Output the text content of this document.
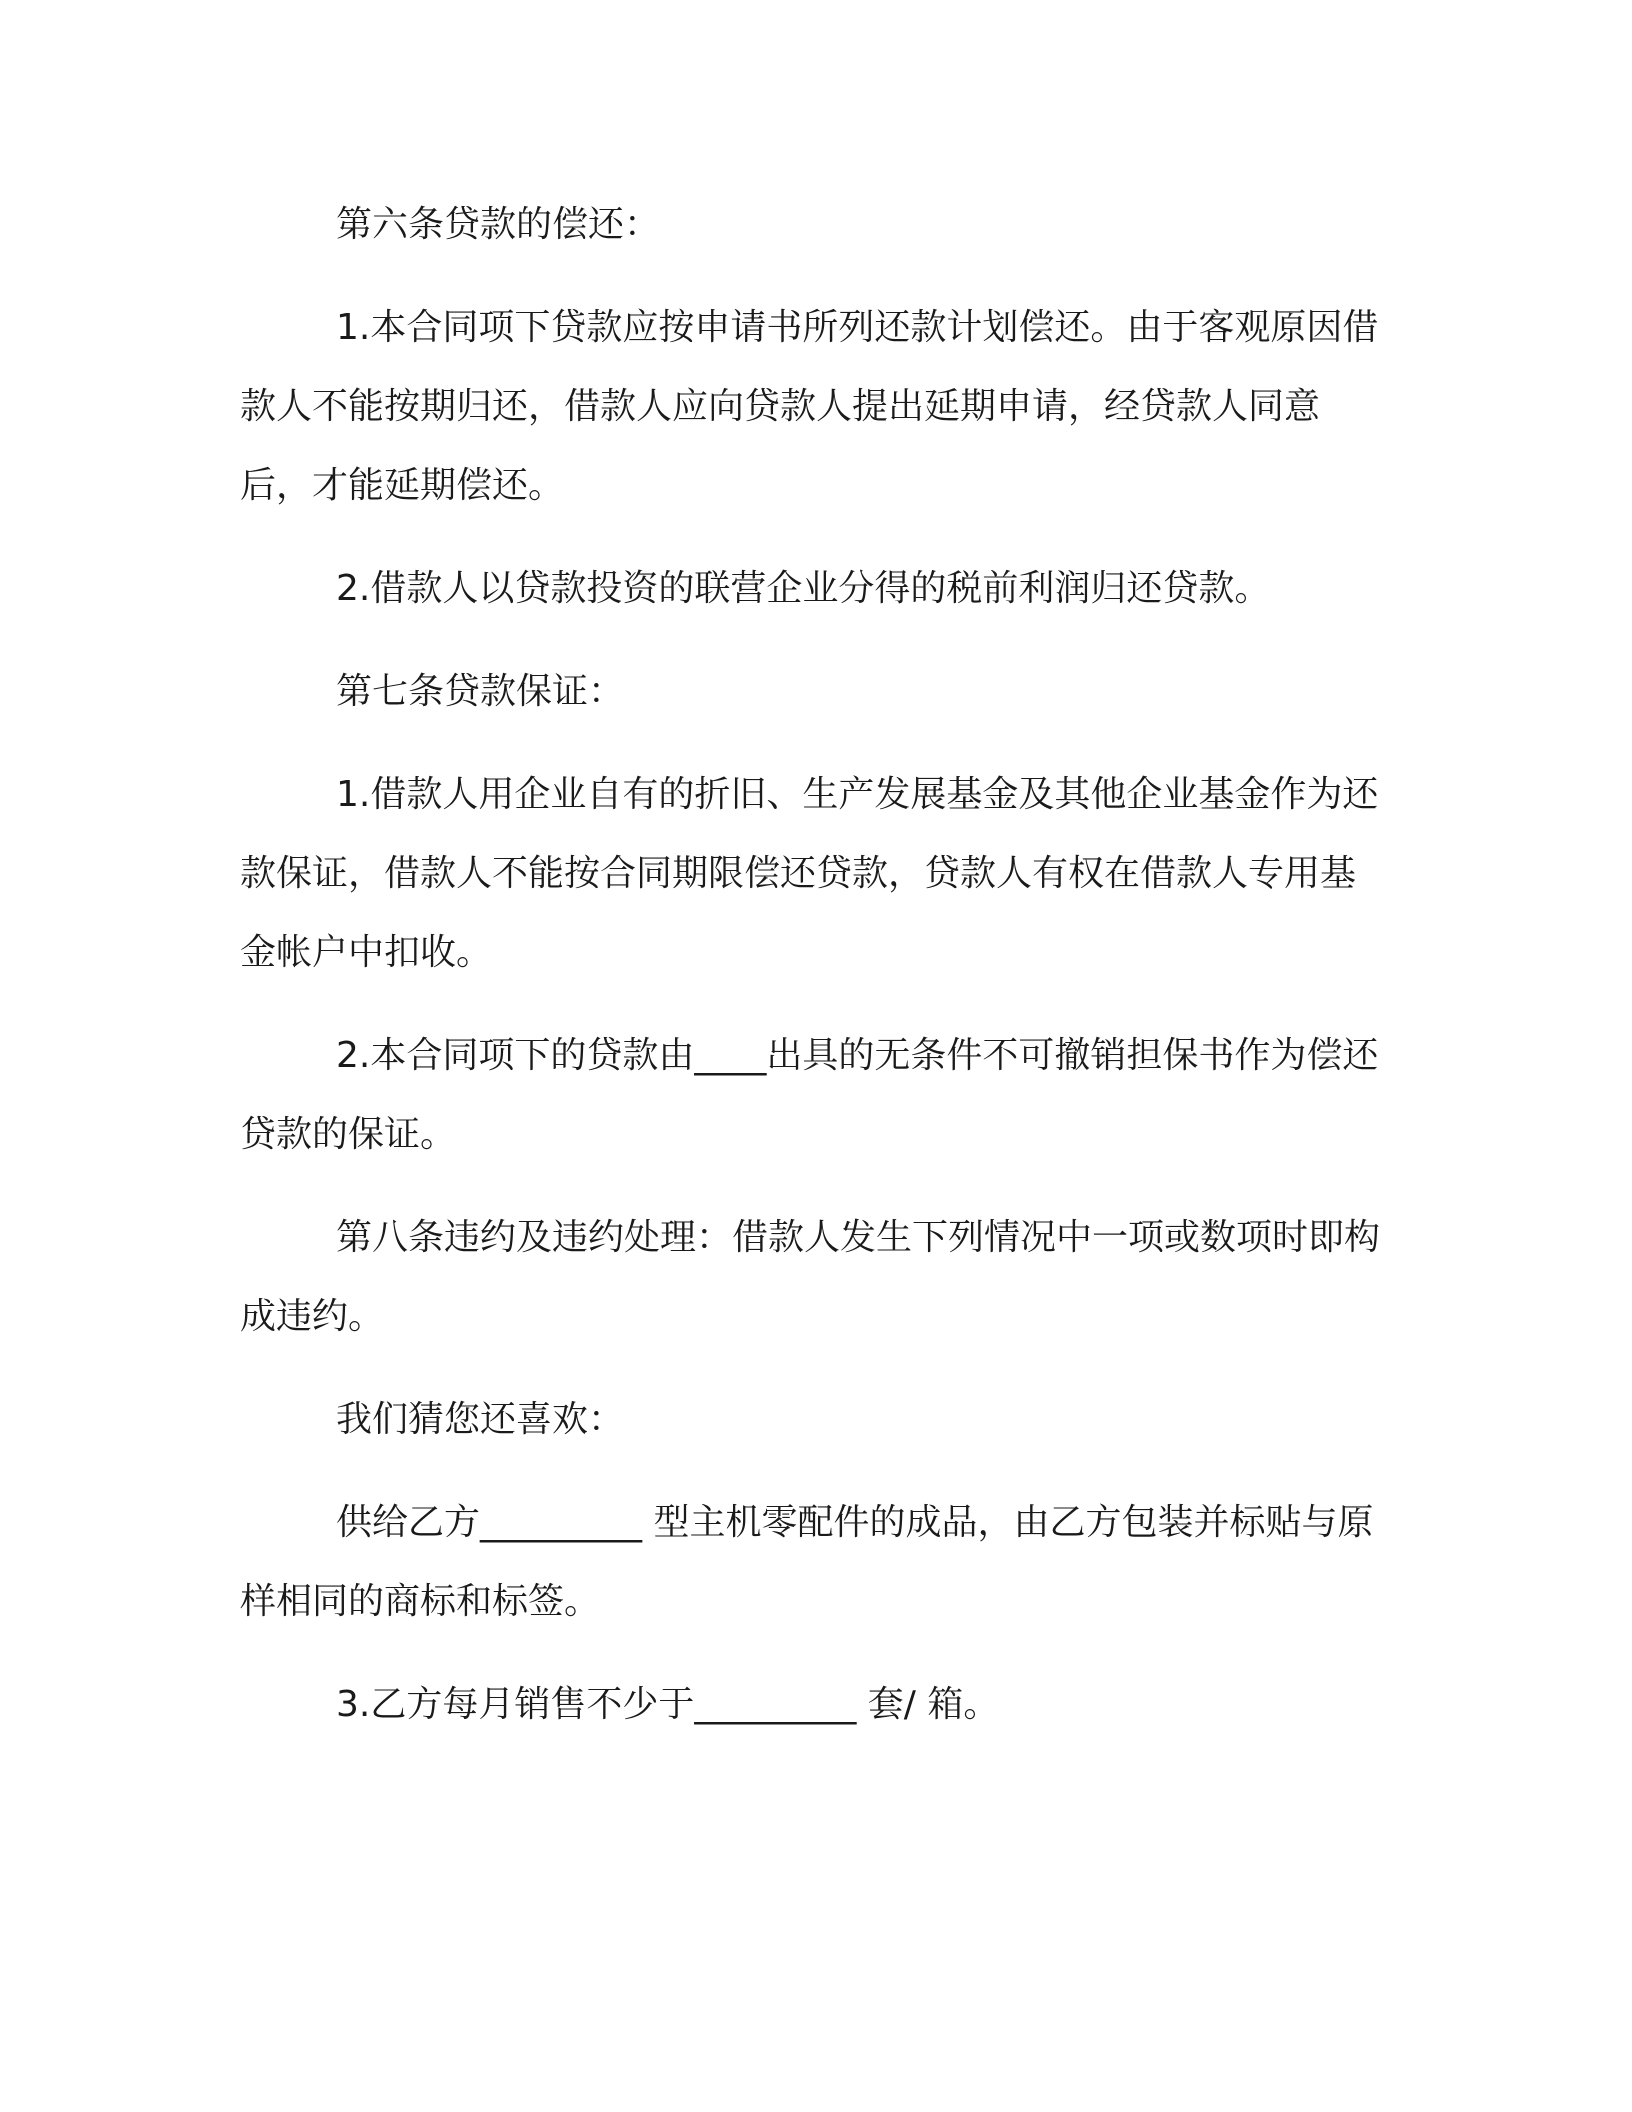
第六条贷款的偿还：

1.本合同项下贷款应按申请书所列还款计划偿还。由于客观原因借款人不能按期归还，借款人应向贷款人提出延期申请，经贷款人同意后，才能延期偿还。

2.借款人以贷款投资的联营企业分得的税前利润归还贷款。

第七条贷款保证：

1.借款人用企业自有的折旧、生产发展基金及其他企业基金作为还款保证，借款人不能按合同期限偿还贷款，贷款人有权在借款人专用基金帐户中扣收。

2.本合同项下的贷款由____出具的无条件不可撤销担保书作为偿还贷款的保证。

第八条违约及违约处理：借款人发生下列情况中一项或数项时即构成违约。

我们猜您还喜欢：

供给乙方_________ 型主机零配件的成品，由乙方包装并标贴与原样相同的商标和标签。

3.乙方每月销售不少于_________ 套/ 箱。
